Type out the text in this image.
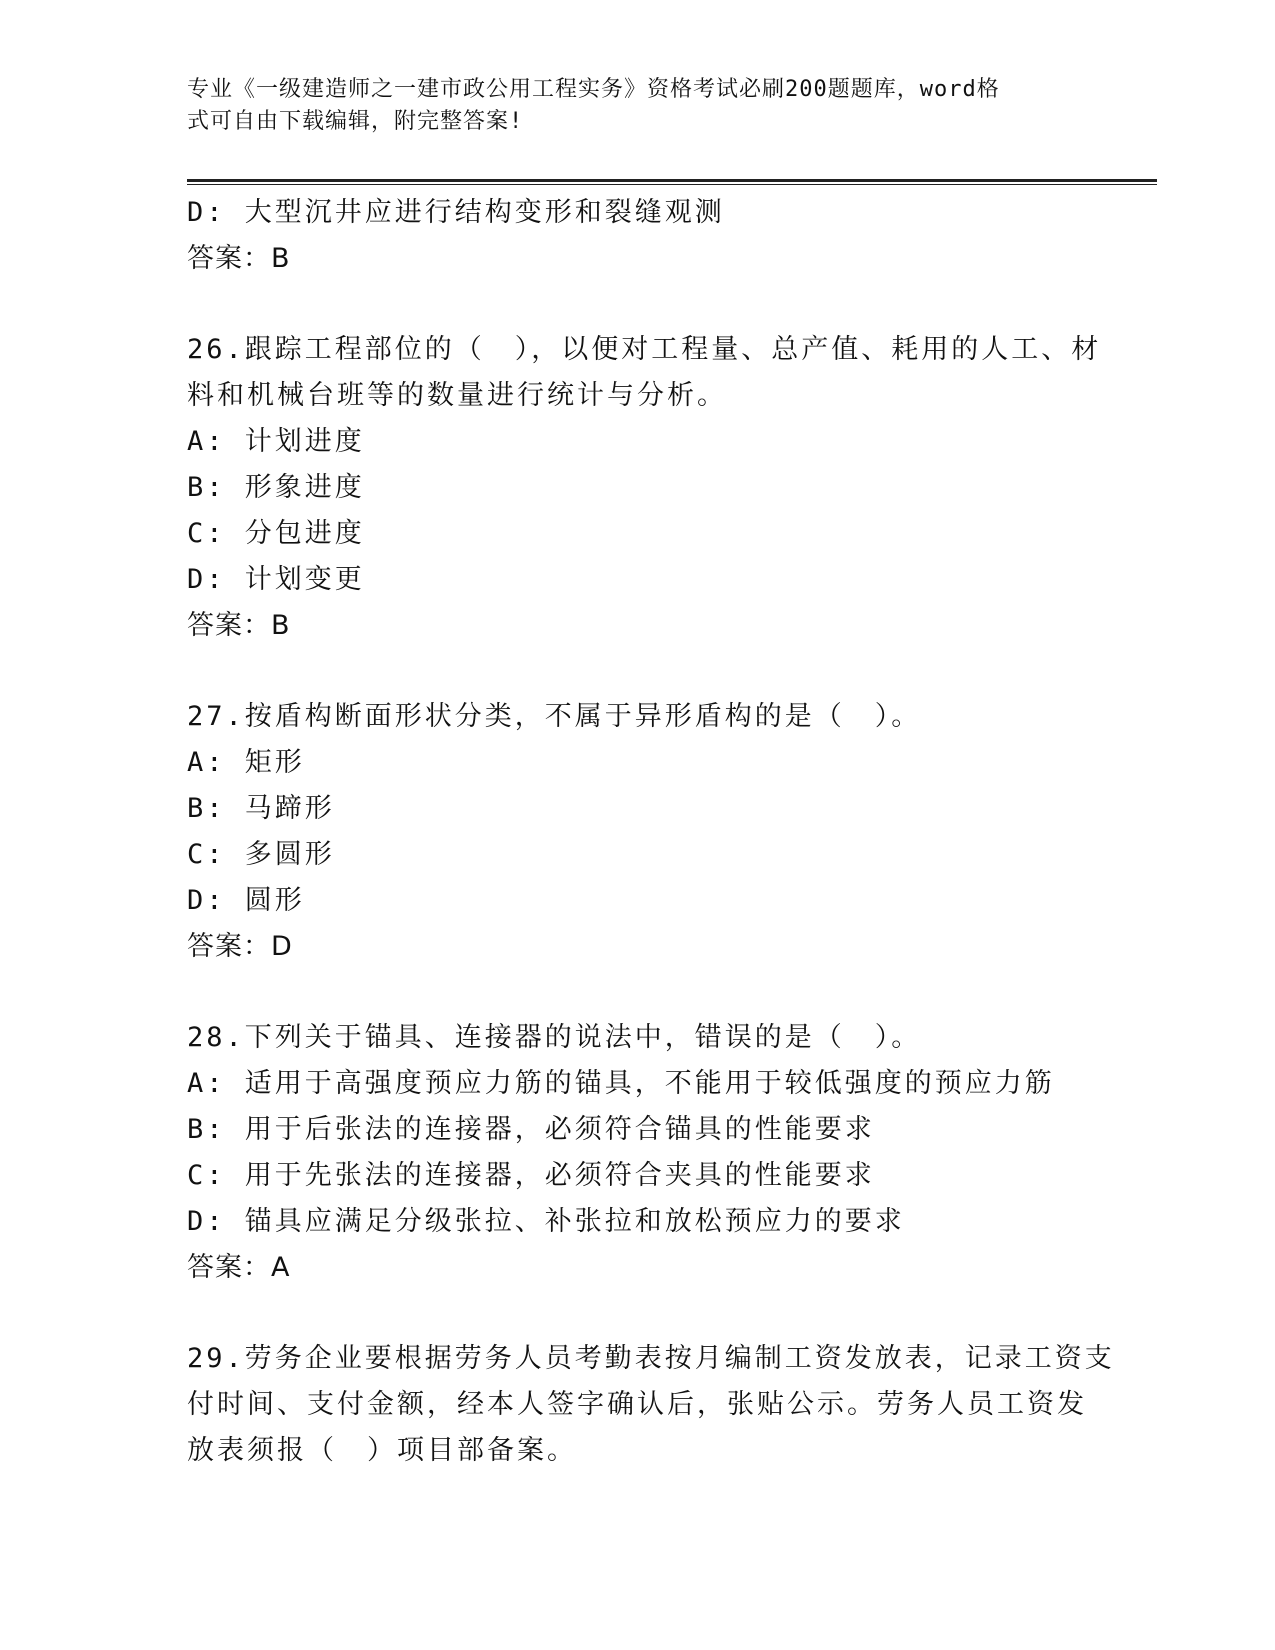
专业《一级建造师之一建市政公用工程实务》资格考试必刷200题题库，word格
式可自由下载编辑，附完整答案!
D: 大型沉井应进行结构变形和裂缝观测
答案：B
26.跟踪工程部位的（　），以便对工程量、总产值、耗用的人工、材
料和机械台班等的数量进行统计与分析。
A: 计划进度
B: 形象进度
C: 分包进度
D: 计划变更
答案：B
27.按盾构断面形状分类，不属于异形盾构的是（　）。
A: 矩形
B: 马蹄形
C: 多圆形
D: 圆形
答案：D
28.下列关于锚具、连接器的说法中，错误的是（　）。
A: 适用于高强度预应力筋的锚具，不能用于较低强度的预应力筋
B: 用于后张法的连接器，必须符合锚具的性能要求
C: 用于先张法的连接器，必须符合夹具的性能要求
D: 锚具应满足分级张拉、补张拉和放松预应力的要求
答案：A
29.劳务企业要根据劳务人员考勤表按月编制工资发放表，记录工资支
付时间、支付金额，经本人签字确认后，张贴公示。劳务人员工资发
放表须报（　）项目部备案。
